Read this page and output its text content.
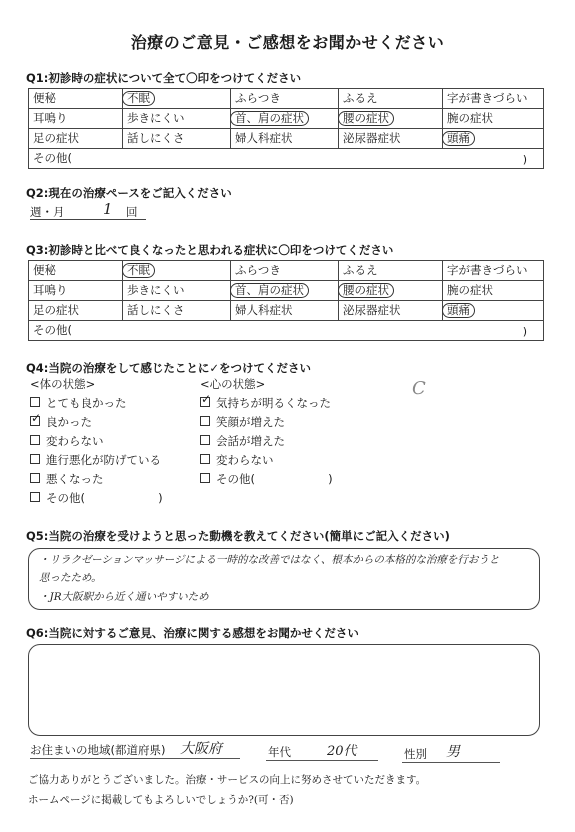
治療のご意見・ご感想をお聞かせください
Q1:初診時の症状について全て〇印をつけてください
便秘	不眠	ふらつき	ふるえ	字が書きづらい
耳鳴り	歩きにくい	首、肩の症状	腰の症状	腕の症状
足の症状	話しにくさ	婦人科症状	泌尿器症状	頭痛
その他(	)
Q2:現在の治療ペースをご記入ください
週・月	1 回
Q3:初診時と比べて良くなったと思われる症状に〇印をつけてください
便秘	不眠	ふらつき	ふるえ	字が書きづらい
耳鳴り	歩きにくい	首、肩の症状	腰の症状	腕の症状
足の症状	話しにくさ	婦人科症状	泌尿器症状	頭痛
その他(	)
Q4:当院の治療をして感じたことに✓をつけてください
<体の状態>
とても良かった
✓ 良かった
変わらない
進行悪化が防げている
悪くなった
その他(                    )
<心の状態>
✓ 気持ちが明るくなった
笑顔が増えた
会話が増えた
変わらない
その他(                    )
C
Q5:当院の治療を受けようと思った動機を教えてください(簡単にご記入ください)
・リラクゼーションマッサージによる一時的な改善ではなく、根本からの本格的な治療を行おうと
思ったため。
・JR大阪駅から近く通いやすいため
Q6:当院に対するご意見、治療に関する感想をお聞かせください
お住まいの地域(都道府県) 大阪府	年代	20代	性別 男
ご協力ありがとうございました。治療・サービスの向上に努めさせていただきます。
ホームページに掲載してもよろしいでしょうか?(可・否)
